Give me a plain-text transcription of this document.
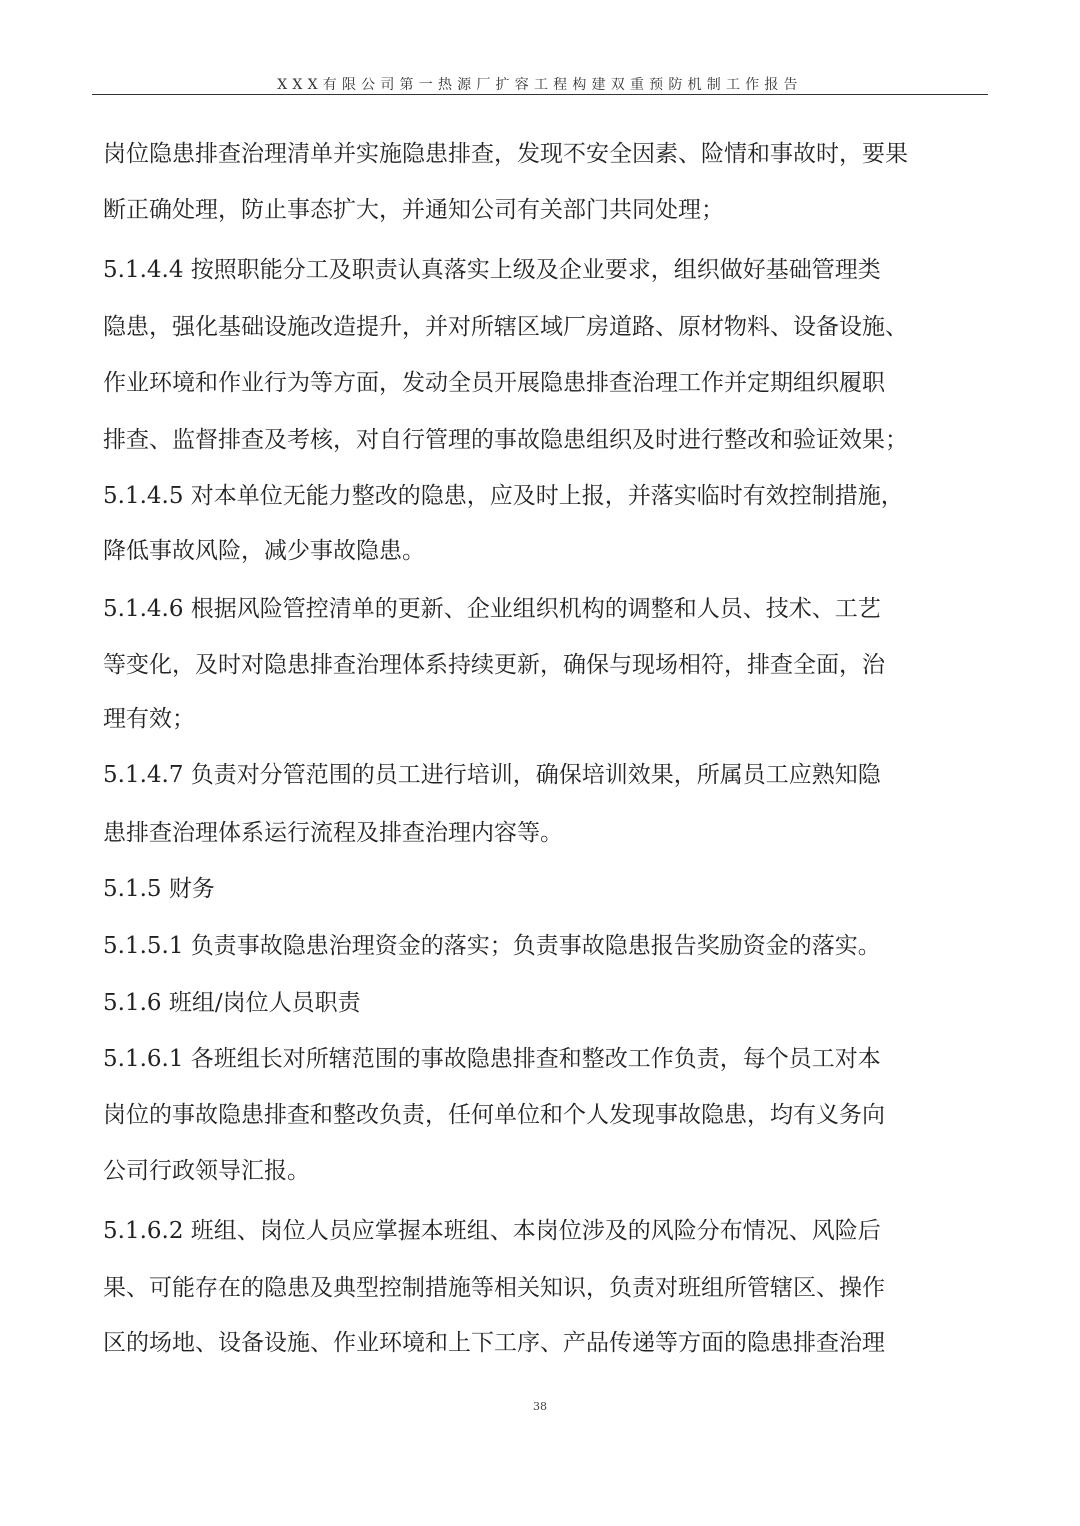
XXX有限公司第一热源厂扩容工程构建双重预防机制工作报告
岗位隐患排查治理清单并实施隐患排查，发现不安全因素、险情和事故时，要果
断正确处理，防止事态扩大，并通知公司有关部门共同处理；
5.1.4.4 按照职能分工及职责认真落实上级及企业要求，组织做好基础管理类
隐患，强化基础设施改造提升，并对所辖区域厂房道路、原材物料、设备设施、
作业环境和作业行为等方面，发动全员开展隐患排查治理工作并定期组织履职
排查、监督排查及考核，对自行管理的事故隐患组织及时进行整改和验证效果；
5.1.4.5 对本单位无能力整改的隐患，应及时上报，并落实临时有效控制措施，
降低事故风险，减少事故隐患。
5.1.4.6 根据风险管控清单的更新、企业组织机构的调整和人员、技术、工艺
等变化，及时对隐患排查治理体系持续更新，确保与现场相符，排查全面，治
理有效；
5.1.4.7 负责对分管范围的员工进行培训，确保培训效果，所属员工应熟知隐
患排查治理体系运行流程及排查治理内容等。
5.1.5 财务
5.1.5.1 负责事故隐患治理资金的落实；负责事故隐患报告奖励资金的落实。
5.1.6 班组/岗位人员职责
5.1.6.1 各班组长对所辖范围的事故隐患排查和整改工作负责，每个员工对本
岗位的事故隐患排查和整改负责，任何单位和个人发现事故隐患，均有义务向
公司行政领导汇报。
5.1.6.2 班组、岗位人员应掌握本班组、本岗位涉及的风险分布情况、风险后
果、可能存在的隐患及典型控制措施等相关知识，负责对班组所管辖区、操作
区的场地、设备设施、作业环境和上下工序、产品传递等方面的隐患排查治理
38
